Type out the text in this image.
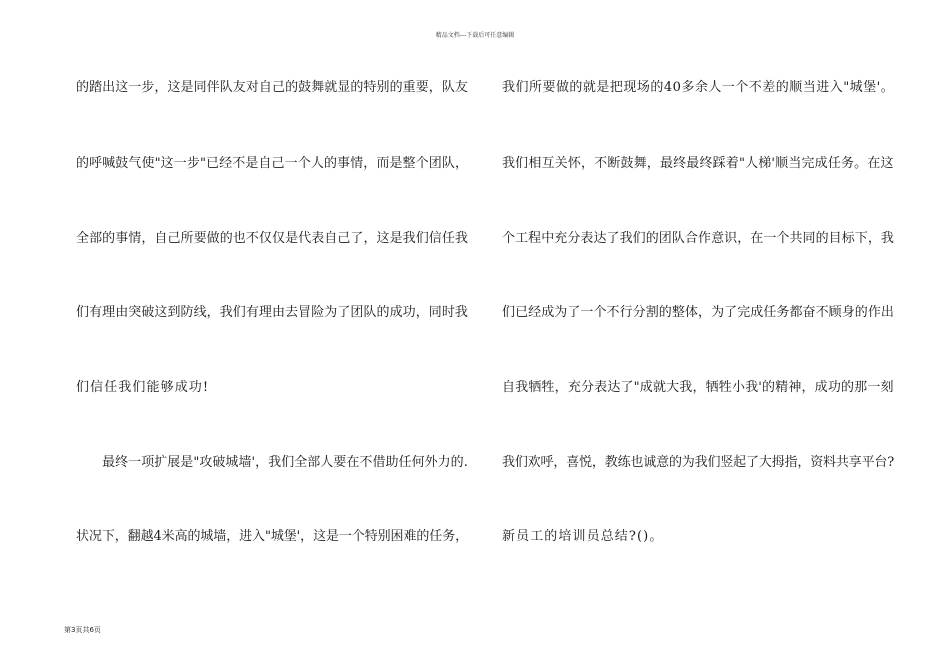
精品文档---下载后可任意编辑
的踏出这一步，这是同伴队友对自己的鼓舞就显的特别的重要，队友
的呼喊鼓气使"这一步"已经不是自己一个人的事情，而是整个团队，
全部的事情，自己所要做的也不仅仅是代表自己了，这是我们信任我
们有理由突破这到防线，我们有理由去冒险为了团队的成功，同时我
们信任我们能够成功!
　　最终一项扩展是"攻破城墙'，我们全部人要在不借助任何外力的.
状况下，翻越4米高的城墙，进入"城堡'，这是一个特别困难的任务，
我们所要做的就是把现场的40多余人一个不差的顺当进入"城堡'。
我们相互关怀，不断鼓舞，最终最终踩着"人梯'顺当完成任务。在这
个工程中充分表达了我们的团队合作意识，在一个共同的目标下，我
们已经成为了一个不行分割的整体，为了完成任务都奋不顾身的作出
自我牺牲，充分表达了"成就大我，牺牲小我'的精神，成功的那一刻
我们欢呼，喜悦，教练也诚意的为我们竖起了大拇指，资料共享平台?
新员工的培训员总结?()。
第3页共6页
